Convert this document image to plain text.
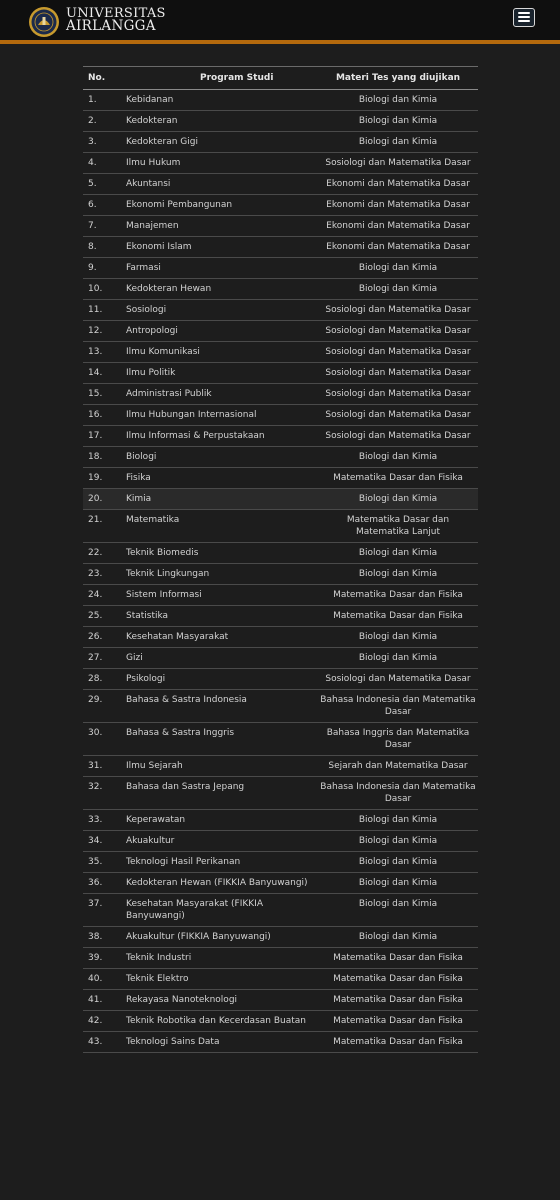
UNIVERSITAS
AIRLANGGA
No.	Program Studi	Materi Tes yang diujikan
1.	Kebidanan	Biologi dan Kimia
2.	Kedokteran	Biologi dan Kimia
3.	Kedokteran Gigi	Biologi dan Kimia
4.	Ilmu Hukum	Sosiologi dan Matematika Dasar
5.	Akuntansi	Ekonomi dan Matematika Dasar
6.	Ekonomi Pembangunan	Ekonomi dan Matematika Dasar
7.	Manajemen	Ekonomi dan Matematika Dasar
8.	Ekonomi Islam	Ekonomi dan Matematika Dasar
9.	Farmasi	Biologi dan Kimia
10.	Kedokteran Hewan	Biologi dan Kimia
11.	Sosiologi	Sosiologi dan Matematika Dasar
12.	Antropologi	Sosiologi dan Matematika Dasar
13.	Ilmu Komunikasi	Sosiologi dan Matematika Dasar
14.	Ilmu Politik	Sosiologi dan Matematika Dasar
15.	Administrasi Publik	Sosiologi dan Matematika Dasar
16.	Ilmu Hubungan Internasional	Sosiologi dan Matematika Dasar
17.	Ilmu Informasi & Perpustakaan	Sosiologi dan Matematika Dasar
18.	Biologi	Biologi dan Kimia
19.	Fisika	Matematika Dasar dan Fisika
20.	Kimia	Biologi dan Kimia
21.	Matematika	Matematika Dasar dan Matematika Lanjut
22.	Teknik Biomedis	Biologi dan Kimia
23.	Teknik Lingkungan	Biologi dan Kimia
24.	Sistem Informasi	Matematika Dasar dan Fisika
25.	Statistika	Matematika Dasar dan Fisika
26.	Kesehatan Masyarakat	Biologi dan Kimia
27.	Gizi	Biologi dan Kimia
28.	Psikologi	Sosiologi dan Matematika Dasar
29.	Bahasa & Sastra Indonesia	Bahasa Indonesia dan Matematika Dasar
30.	Bahasa & Sastra Inggris	Bahasa Inggris dan Matematika Dasar
31.	Ilmu Sejarah	Sejarah dan Matematika Dasar
32.	Bahasa dan Sastra Jepang	Bahasa Indonesia dan Matematika Dasar
33.	Keperawatan	Biologi dan Kimia
34.	Akuakultur	Biologi dan Kimia
35.	Teknologi Hasil Perikanan	Biologi dan Kimia
36.	Kedokteran Hewan (FIKKIA Banyuwangi)	Biologi dan Kimia
37.	Kesehatan Masyarakat (FIKKIA Banyuwangi)	Biologi dan Kimia
38.	Akuakultur (FIKKIA Banyuwangi)	Biologi dan Kimia
39.	Teknik Industri	Matematika Dasar dan Fisika
40.	Teknik Elektro	Matematika Dasar dan Fisika
41.	Rekayasa Nanoteknologi	Matematika Dasar dan Fisika
42.	Teknik Robotika dan Kecerdasan Buatan	Matematika Dasar dan Fisika
43.	Teknologi Sains Data	Matematika Dasar dan Fisika
